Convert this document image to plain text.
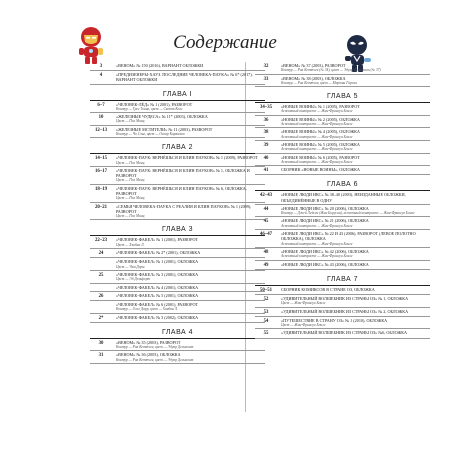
Содержание
3	«ВЕНОМ» № 150 (2016), ВАРИАНТ ОБЛОЖКИ
4	«ПРЕДИЗЕНЕРЫ-ХАУЗ. ПОСЛЕДНИЕ ЧЕЛОВЕКА-ПАУКА» № 6* (2017), ВАРИАНТ ОБЛОЖКИ
ГЛАВА I
6–7	«ЧЕЛОВЕК-ЛЁД» № 1 (2001), РАЗВОРОТ
Контур — Грег Тоник, цвет — Скотт Кеас
10	«ЖЕЛЕЗНЫЕ ЧУДЕСА» № 11* (2003), ОБЛОЖКА
Цвет — Пол Монц
12–13	«ЖЕЛЕЗНЫЕ МСТИТЕЛИ» № 11 (2003), РАЗВОРОТ
Контур — Чо Сэнг, цвет — Оскар Карвалью
ГЛАВА 2
14–15	«ЧЕЛОВЕК-ПАУК: ВЕРНЁШЬСЯ И КЛИН ПАУКОВ» № 1 (2009), РАЗВОРОТ
Цвет — Пол Монц
16–17	«ЧЕЛОВЕК-ПАУК: ВЕРНЁШЬСЯ И КЛИН ПАУКОВ» № 1, ОБЛОЖКА И РАЗВОРОТ
Цвет — Пол Монц
18–19	«ЧЕЛОВЕК-ПАУК: ВЕРНЁШЬСЯ И КЛИН ПАУКОВ» № 6, ОБЛОЖКА, РАЗВОРОТ
Цвет — Пол Монц
20–21	«СЕМЬЯ ЧЕЛОВЕКА-ПАУКА С РЕАЛИЯ И КЛИН ПАУКОВ» № 1 (2009), РАЗВОРОТ
Цвет — Пол Монц
ГЛАВА 3
22–23	«ЧЕЛОВЕК-ФАКЕЛ» № 1 (2001), РАЗВОРОТ
Цвет — Хэнбин Л.
24	«ЧЕЛОВЕК-ФАКЕЛ» № 2* (2001), ОБЛОЖКА
«ЧЕЛОВЕК-ФАКЕЛ» № 1 (2001), ОБЛОЖКА
Цвет — Чэм Дорм
25	«ЧЕЛОВЕК-ФАКЕЛ» № 3 (2001), ОБЛОЖКА
Цвет — Эд Дельфорт
«ЧЕЛОВЕК-ФАКЕЛ» № 4 (2001), ОБЛОЖКА
26	«ЧЕЛОВЕК-ФАКЕЛ» № 5 (2001), ОБЛОЖКА
«ЧЕЛОВЕК-ФАКЕЛ» № 6 (2001), РАЗВОРОТ
Контур — Олег Дарр, цвет — Хэнбин Л.
2*	«ЧЕЛОВЕК-ФАКЕЛ» № 3 (2002), ОБЛОЖКА
ГЛАВА 4
30	«ВЕНОМ» № 35 (2003), РАЗВОРОТ
Контур — Рик Кеттчен, цвет — Эдуар Дельмонт
31	«ВЕНОМ» № 36 (2003), ОБЛОЖКА
Контур — Рик Кеттчен, цвет — Эдуар Дельмонт
32	«ВЕНОМ» № 37 (2003), РАЗВОРОТ
Контур — Рик Кеттчен (№ 34), цвет — Эдуар Дельмонт (№ 37)
33	«ВЕНОМ» № 38 (2003), ОБЛОЖКА
Контур — Рик Кеттчен, цвет — Мартин Гарсия
ГЛАВА 5
34–35	«НОВЫЕ ВОИНЫ» № 1 (2005), РАЗВОРОТ
Аспектный контрасте — Жан-Франсуа Бонле
36	«НОВЫЕ ВОИНЫ» № 2 (2005), ОБЛОЖКА
Аспектный контрасте — Жан-Франсуа Бонле
38	«НОВЫЕ ВОИНЫ» № 4 (2005), ОБЛОЖКА
Аспектный контрасте — Жан-Франсуа Бонле
39	«НОВЫЕ ВОИНЫ» № 5 (2005), ОБЛОЖКА
Аспектный контрасте — Жан-Франсуа Бонле
40	«НОВЫЕ ВОИНЫ» № 6 (2005), РАЗВОРОТ
Аспектный контрасте — Жан-Франсуа Бонле
41	СБОРНИК «НОВЫЕ ВОИНЫ», ОБЛОЖКА
ГЛАВА 6
42–43	«НОВЫЕ ЛЮДИ ИКС» № 38–40 (2003), НЕИЗДАННЫЕ ОБЛОЖКИ, ОБЪЕДИНЁННЫЕ В ОДНУ
44	«НОВЫЕ ЛЮДИ ИКС» № 20 (2006), ОБЛОЖКА
Контур — Джей Лейсен (Жан Борусин), аспектный контрасте — Жан-Франсуа Бонле
45	«НОВЫЕ ЛЮДИ ИКС» № 21 (2006), ОБЛОЖКА
Аспектный контрасте — Жан-Франсуа Бонле
46–47	«НОВЫЕ ЛЮДИ ИКС» № 22 И 43 (2006), РАЗВОРОТ (ЛЕВОЕ ПОЛОТНО ОБЛОЖКА), ОБЛОЖКА
Аспектный контрасте — Жан-Франсуа Бонле
48	«НОВЫЕ ЛЮДИ ИКС» № 42 (2006), ОБЛОЖКА
Аспектный контрасте — Жан-Франсуа Бонле
49	«НОВЫЕ ЛЮДИ ИКС» № 43 (2006), ОБЛОЖКА
ГЛАВА 7
50–51	СБОРНИК КОМИКСОВ В СТРАНЕ ОЗ, ОБЛОЖКА
52	«УДИВИТЕЛЬНЫЙ ВОЛШЕБНИК ИЗ СТРАНЫ ОЗ» № 1, ОБЛОЖКА
Цвет — Жан-Франсуа Бонле
53	«УДИВИТЕЛЬНЫЙ ВОЛШЕБНИК ИЗ СТРАНЫ ОЗ» № 2, ОБЛОЖКА
54	«ПУТЕШЕСТВИЕ В СТРАНУ ОЗ» № 1 (2010), ОБЛОЖКА
Цвет — Жан-Франсуа Бонле
55	«УДИВИТЕЛЬНЫЙ ВОЛШЕБНИК ИЗ СТРАНЫ ОЗ» №6, ОБЛОЖКА
